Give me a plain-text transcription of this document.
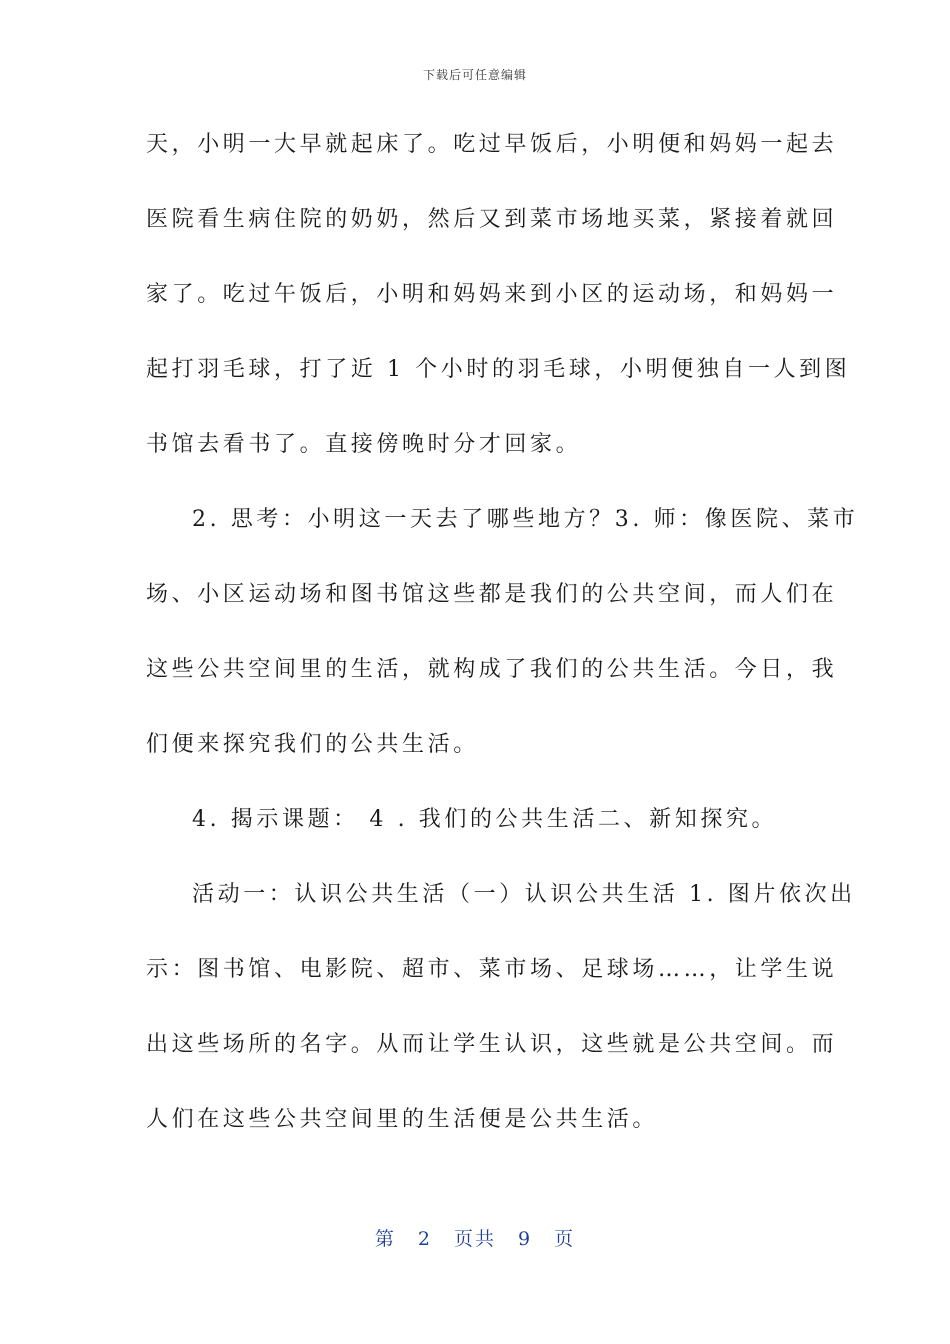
下载后可任意编辑
天，小明一大早就起床了。吃过早饭后，小明便和妈妈一起去
医院看生病住院的奶奶，然后又到菜市场地买菜，紧接着就回
家了。吃过午饭后，小明和妈妈来到小区的运动场，和妈妈一
起打羽毛球，打了近 1 个小时的羽毛球，小明便独自一人到图
书馆去看书了。直接傍晚时分才回家。
2. 思考：小明这一天去了哪些地方？3. 师：像医院、菜市
场、小区运动场和图书馆这些都是我们的公共空间，而人们在
这些公共空间里的生活，就构成了我们的公共生活。今日，我
们便来探究我们的公共生活。
4. 揭示课题： 4 . 我们的公共生活二、新知探究。
活动一：认识公共生活（一）认识公共生活 1. 图片依次出
示：图书馆、电影院、超市、菜市场、足球场……，让学生说
出这些场所的名字。从而让学生认识，这些就是公共空间。而
人们在这些公共空间里的生活便是公共生活。
第 2 页共 9 页
